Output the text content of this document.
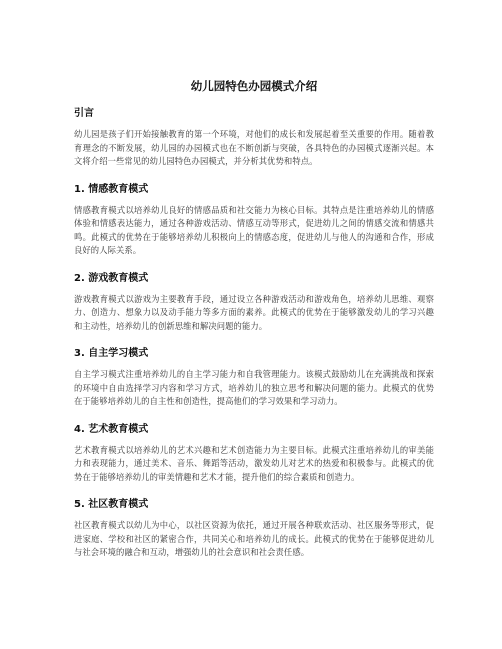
幼儿园特色办园模式介绍
引言

幼儿园是孩子们开始接触教育的第一个环境，对他们的成长和发展起着至关重要的作用。随着教育理念的不断发展，幼儿园的办园模式也在不断创新与突破，各具特色的办园模式逐渐兴起。本文将介绍一些常见的幼儿园特色办园模式，并分析其优势和特点。

1. 情感教育模式

情感教育模式以培养幼儿良好的情感品质和社交能力为核心目标。其特点是注重培养幼儿的情感体验和情感表达能力，通过各种游戏活动、情感互动等形式，促进幼儿之间的情感交流和情感共鸣。此模式的优势在于能够培养幼儿积极向上的情感态度，促进幼儿与他人的沟通和合作，形成良好的人际关系。

2. 游戏教育模式

游戏教育模式以游戏为主要教育手段，通过设立各种游戏活动和游戏角色，培养幼儿思维、观察力、创造力、想象力以及动手能力等多方面的素养。此模式的优势在于能够激发幼儿的学习兴趣和主动性，培养幼儿的创新思维和解决问题的能力。

3. 自主学习模式

自主学习模式注重培养幼儿的自主学习能力和自我管理能力。该模式鼓励幼儿在充满挑战和探索的环境中自由选择学习内容和学习方式，培养幼儿的独立思考和解决问题的能力。此模式的优势在于能够培养幼儿的自主性和创造性，提高他们的学习效果和学习动力。

4. 艺术教育模式

艺术教育模式以培养幼儿的艺术兴趣和艺术创造能力为主要目标。此模式注重培养幼儿的审美能力和表现能力，通过美术、音乐、舞蹈等活动，激发幼儿对艺术的热爱和积极参与。此模式的优势在于能够培养幼儿的审美情趣和艺术才能，提升他们的综合素质和创造力。

5. 社区教育模式

社区教育模式以幼儿为中心，以社区资源为依托，通过开展各种联欢活动、社区服务等形式，促进家庭、学校和社区的紧密合作，共同关心和培养幼儿的成长。此模式的优势在于能够促进幼儿与社会环境的融合和互动，增强幼儿的社会意识和社会责任感。
